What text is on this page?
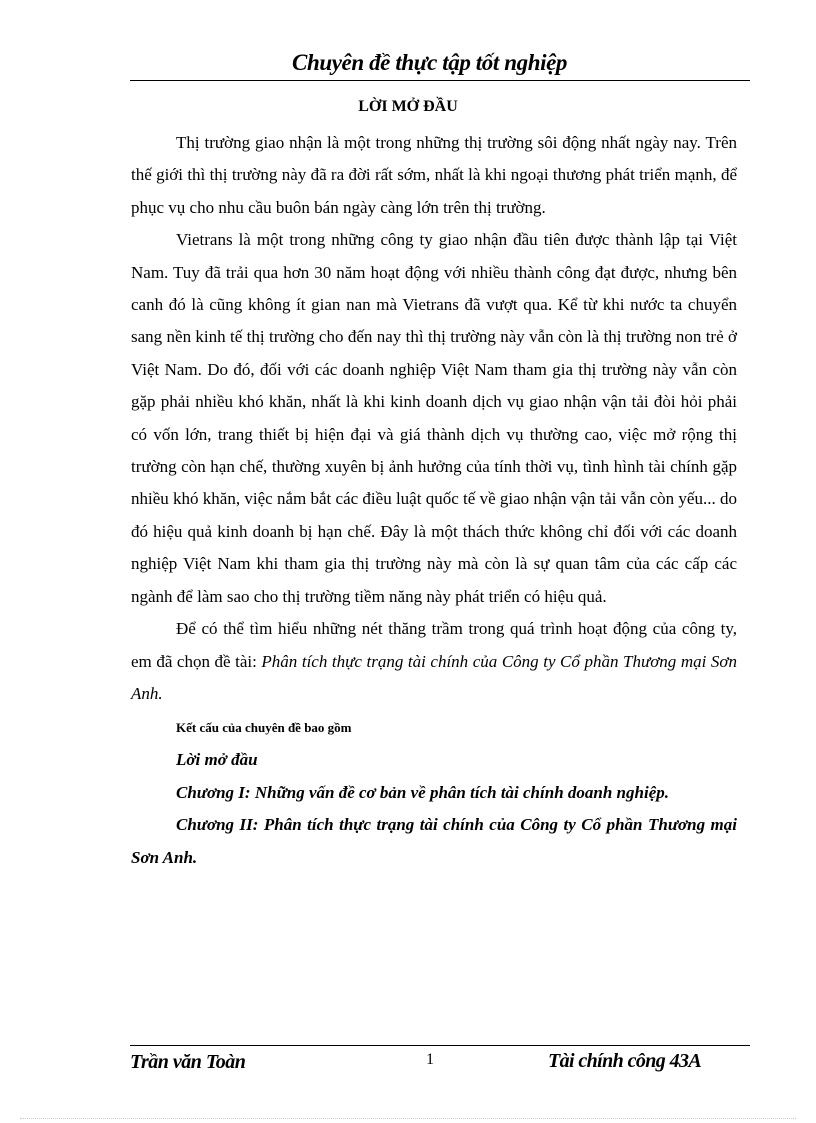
Chuyên đề thực tập tốt nghiệp
LỜI MỞ ĐẦU

Thị trường giao nhận là một trong những thị trường sôi động nhất ngày nay. Trên thế giới thì thị trường này đã ra đời rất sớm, nhất là khi ngoại thương phát triển mạnh, để phục vụ cho nhu cầu buôn bán ngày càng lớn trên thị trường.

Vietrans là một trong những công ty giao nhận đầu tiên được thành lập tại Việt Nam. Tuy đã trải qua hơn 30 năm hoạt động với nhiều thành công đạt được, nhưng bên canh đó là cũng không ít gian nan mà Vietrans đã vượt qua. Kể từ khi nước ta chuyển sang nền kinh tế thị trường cho đến nay thì thị trường này vẫn còn là thị trường non trẻ ở Việt Nam. Do đó, đối với các doanh nghiệp Việt Nam tham gia thị trường này vẫn còn gặp phải nhiều khó khăn, nhất là khi kinh doanh dịch vụ giao nhận vận tải đòi hỏi phải có vốn lớn, trang thiết bị hiện đại và giá thành dịch vụ thường cao, việc mở rộng thị trường còn hạn chế, thường xuyên bị ảnh hưởng của tính thời vụ, tình hình tài chính gặp nhiều khó khăn, việc nắm bắt các điều luật quốc tế về giao nhận vận tải vẫn còn yếu... do đó hiệu quả kinh doanh bị hạn chế. Đây là một thách thức không chỉ đối với các doanh nghiệp Việt Nam khi tham gia thị trường này mà còn là sự quan tâm của các cấp các ngành để làm sao cho thị trường tiềm năng này phát triển có hiệu quả.

Để có thể tìm hiểu những nét thăng trầm trong quá trình hoạt động của công ty, em đã chọn đề tài: Phân tích thực trạng tài chính của Công ty Cổ phần Thương mại Sơn Anh.

Kết cấu của chuyên đề bao gồm

Lời mở đầu

Chương I: Những vấn đề cơ bản về phân tích tài chính doanh nghiệp.

Chương II: Phân tích thực trạng tài chính của Công ty Cổ phần Thương mại Sơn Anh.

Trần văn Toàn	1	Tài chính công 43A
